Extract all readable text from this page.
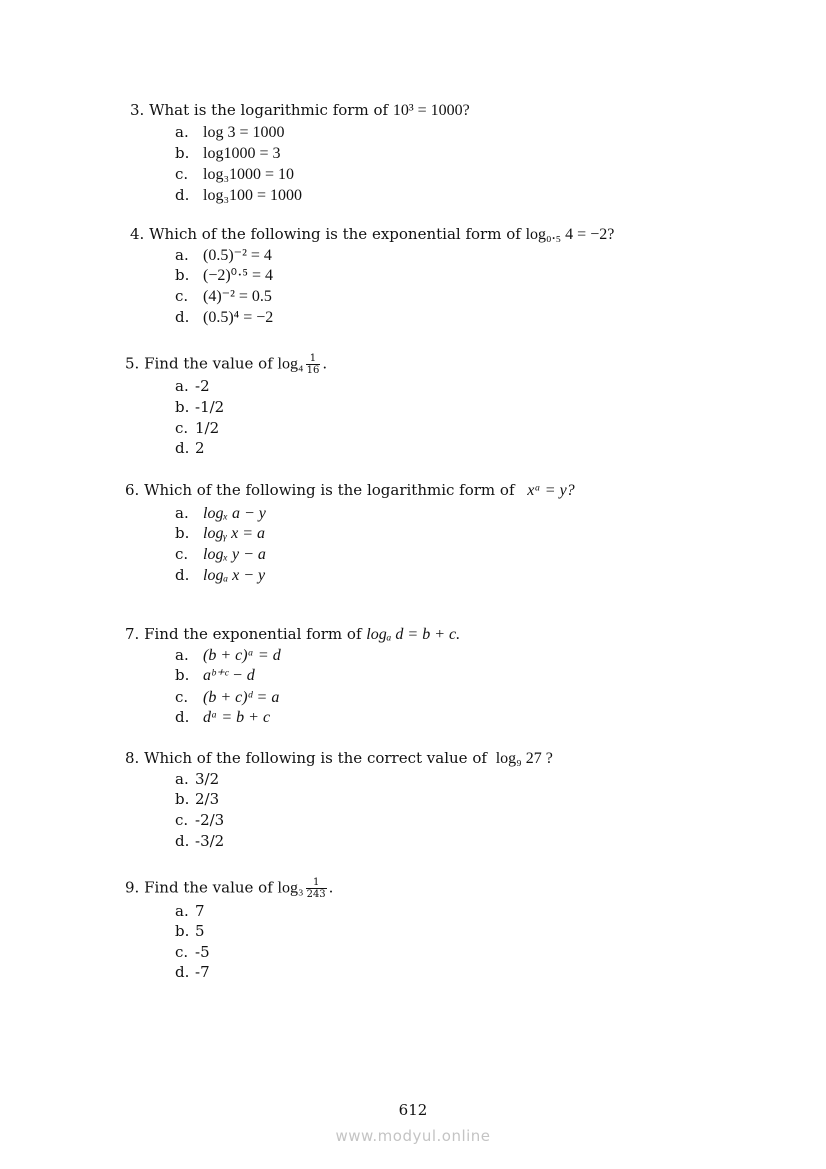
3. What is the logarithmic form of 10³ = 1000?
a. log 3 = 1000
b. log1000 = 3
c. log₃1000 = 10
d. log₃100 = 1000
4. Which of the following is the exponential form of log₀.₅ 4 = −2?
a. (0.5)⁻² = 4
b. (−2)⁰·⁵ = 4
c. (4)⁻² = 0.5
d. (0.5)⁴ = −2
5. Find the value of $\log_4 \frac{1}{16}$ .
a. -2
b. -1/2
c. 1/2
d. 2
6. Which of the following is the logarithmic form of xᵃ = y?
a. logₓ a − y
b. logᵧ x = a
c. logₓ y − a
d. logₐ x − y
7. Find the exponential form of logₐ d = b + c.
a. (b + c)ᵃ = d
b. aᵇ⁺ᶜ − d
c. (b + c)ᵈ = a
d. dᵃ = b + c
8. Which of the following is the correct value of log₉ 27 ?
a. 3/2
b. 2/3
c. -2/3
d. -3/2
9. Find the value of $\log_3 \frac{1}{243}$ .
a. 7
b. 5
c. -5
d. -7
612
www.modyul.online
